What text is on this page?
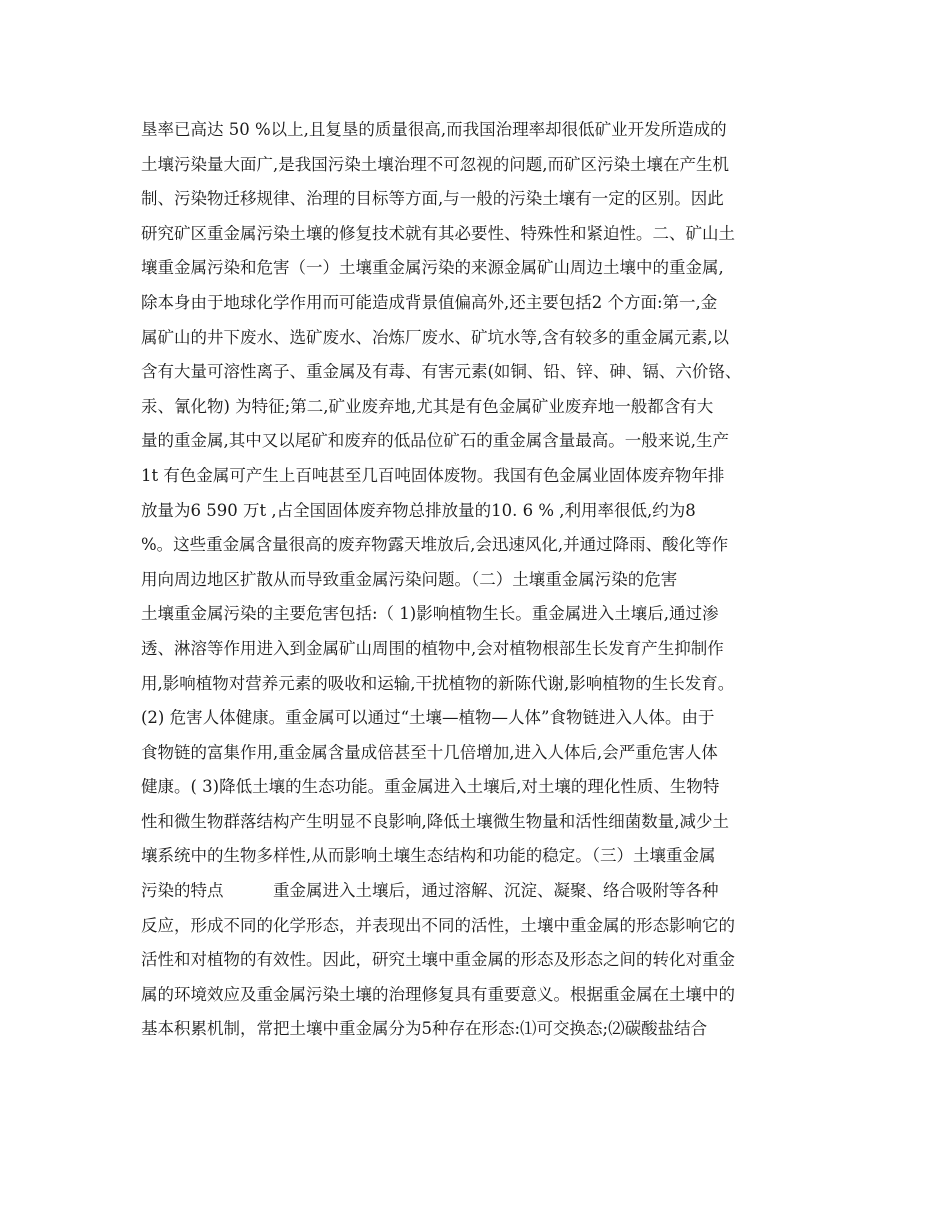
垦率已高达 50 %以上,且复垦的质量很高,而我国治理率却很低矿业开发所造成的
土壤污染量大面广,是我国污染土壤治理不可忽视的问题,而矿区污染土壤在产生机
制、污染物迁移规律、治理的目标等方面,与一般的污染土壤有一定的区别。因此
研究矿区重金属污染土壤的修复技术就有其必要性、特殊性和紧迫性。二、矿山土
壤重金属污染和危害（一）土壤重金属污染的来源金属矿山周边土壤中的重金属,
除本身由于地球化学作用而可能造成背景值偏高外,还主要包括2 个方面:第一,金
属矿山的井下废水、选矿废水、冶炼厂废水、矿坑水等,含有较多的重金属元素,以
含有大量可溶性离子、重金属及有毒、有害元素(如铜、铅、锌、砷、镉、六价铬、
汞、氰化物) 为特征;第二,矿业废弃地,尤其是有色金属矿业废弃地一般都含有大
量的重金属,其中又以尾矿和废弃的低品位矿石的重金属含量最高。一般来说,生产
1t 有色金属可产生上百吨甚至几百吨固体废物。我国有色金属业固体废弃物年排
放量为6 590 万t ,占全国固体废弃物总排放量的10. 6 % ,利用率很低,约为8
%。这些重金属含量很高的废弃物露天堆放后,会迅速风化,并通过降雨、酸化等作
用向周边地区扩散从而导致重金属污染问题。（二）土壤重金属污染的危害
土壤重金属污染的主要危害包括:（ 1)影响植物生长。重金属进入土壤后,通过渗
透、淋溶等作用进入到金属矿山周围的植物中,会对植物根部生长发育产生抑制作
用,影响植物对营养元素的吸收和运输,干扰植物的新陈代谢,影响植物的生长发育。
(2) 危害人体健康。重金属可以通过“土壤—植物—人体”食物链进入人体。由于
食物链的富集作用,重金属含量成倍甚至十几倍增加,进入人体后,会严重危害人体
健康。( 3)降低土壤的生态功能。重金属进入土壤后,对土壤的理化性质、生物特
性和微生物群落结构产生明显不良影响,降低土壤微生物量和活性细菌数量,减少土
壤系统中的生物多样性,从而影响土壤生态结构和功能的稳定。（三）土壤重金属
污染的特点　　　重金属进入土壤后，通过溶解、沉淀、凝聚、络合吸附等各种
反应，形成不同的化学形态，并表现出不同的活性，土壤中重金属的形态影响它的
活性和对植物的有效性。因此，研究土壤中重金属的形态及形态之间的转化对重金
属的环境效应及重金属污染土壤的治理修复具有重要意义。根据重金属在土壤中的
基本积累机制，常把土壤中重金属分为5种存在形态:⑴可交换态;⑵碳酸盐结合
